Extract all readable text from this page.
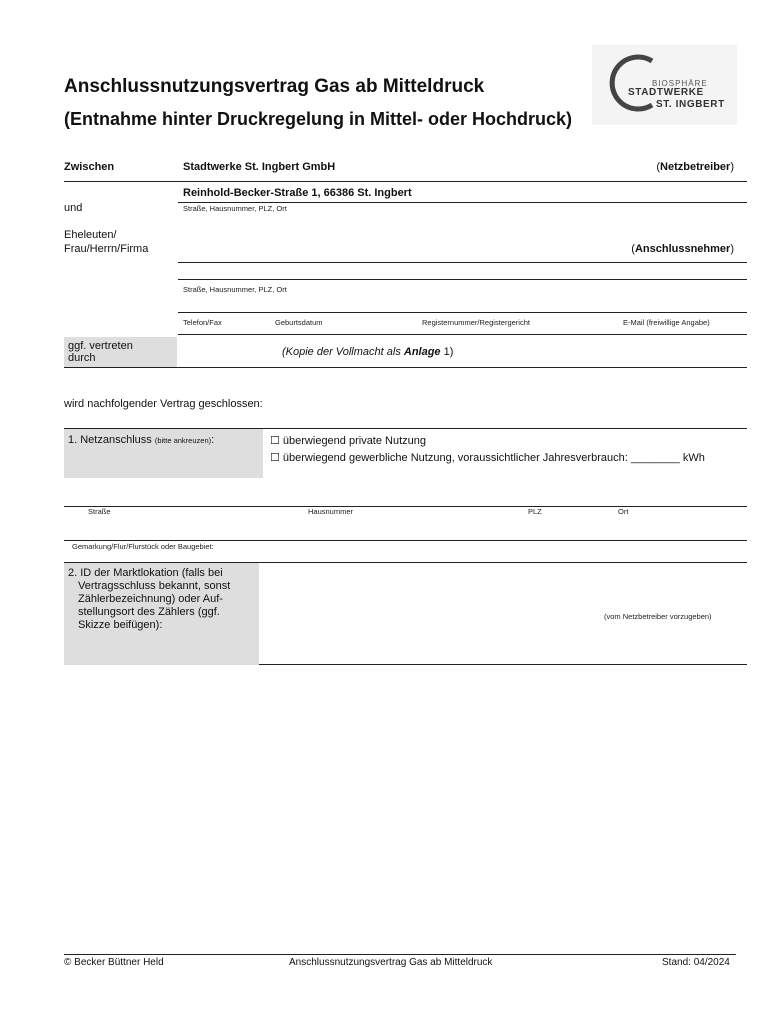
Anschlussnutzungsvertrag Gas ab Mitteldruck
(Entnahme hinter Druckregelung in Mittel- oder Hochdruck)
BIOSPHÄRE
STADTWERKE
ST. INGBERT
Zwischen	Stadtwerke St. Ingbert GmbH	(Netzbetreiber)
Reinhold-Becker-Straße 1, 66386 St. Ingbert
Straße, Hausnummer, PLZ, Ort
und
Eheleuten/
Frau/Herrn/Firma	(Anschlussnehmer)
Straße, Hausnummer, PLZ, Ort
Telefon/Fax	Geburtsdatum	Registernummer/Registergericht	E-Mail (freiwillige Angabe)
ggf. vertreten
durch	(Kopie der Vollmacht als Anlage 1)
wird nachfolgender Vertrag geschlossen:
1. Netzanschluss (bitte ankreuzen):	☐ überwiegend private Nutzung
☐ überwiegend gewerbliche Nutzung, voraussichtlicher Jahresverbrauch: ________ kWh
Straße	Hausnummer	PLZ	Ort
Gemarkung/Flur/Flurstück oder Baugebiet:
2. ID der Marktlokation (falls bei
Vertragsschluss bekannt, sonst
Zählerbezeichnung) oder Auf-
stellungsort des Zählers (ggf.
Skizze beifügen):
(vom Netzbetreiber vorzugeben)
© Becker Büttner Held	Anschlussnutzungsvertrag Gas ab Mitteldruck	Stand: 04/2024
